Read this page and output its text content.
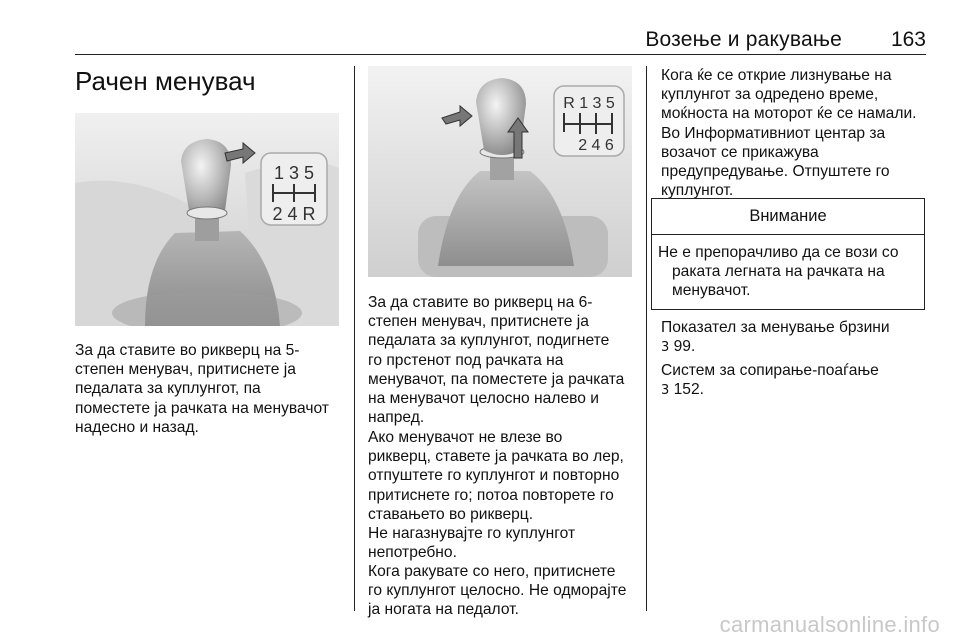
Возење и ракување 163
Рачен менувач
1 3 5
2 4 R

За да ставите во рикверц на 5-
степен менувач, притиснете ја
педалата за куплунгот, па
поместете ја рачката на менувачот
надесно и назад.

R 1 3 5
2 4 6

За да ставите во рикверц на 6-
степен менувач, притиснете ја
педалата за куплунгот, подигнете
го прстенот под рачката на
менувачот, па поместете ја рачката
на менувачот целосно налево и
напред.

Ако менувачот не влезе во
рикверц, ставете ја рачката во лер,
отпуштете го куплунгот и повторно
притиснете го; потоа повторете го
ставањето во рикверц.

Не нагазнувајте го куплунгот
непотребно.

Кога ракувате со него, притиснете
го куплунгот целосно. Не одморајте
ја ногата на педалот.

Кога ќе се открие лизнување на
куплунгот за одредено време,
моќноста на моторот ќе се намали.
Во Информативниот центар за
возачот се прикажува
предупредување. Отпуштете го
куплунгот.

Внимание
Не е препорачливо да се вози со
раката легната на рачката на
менувачот.

Показател за менување брзини
3 99.

Систем за сопирање-поаѓање
3 152.

carmanualsonline.info
